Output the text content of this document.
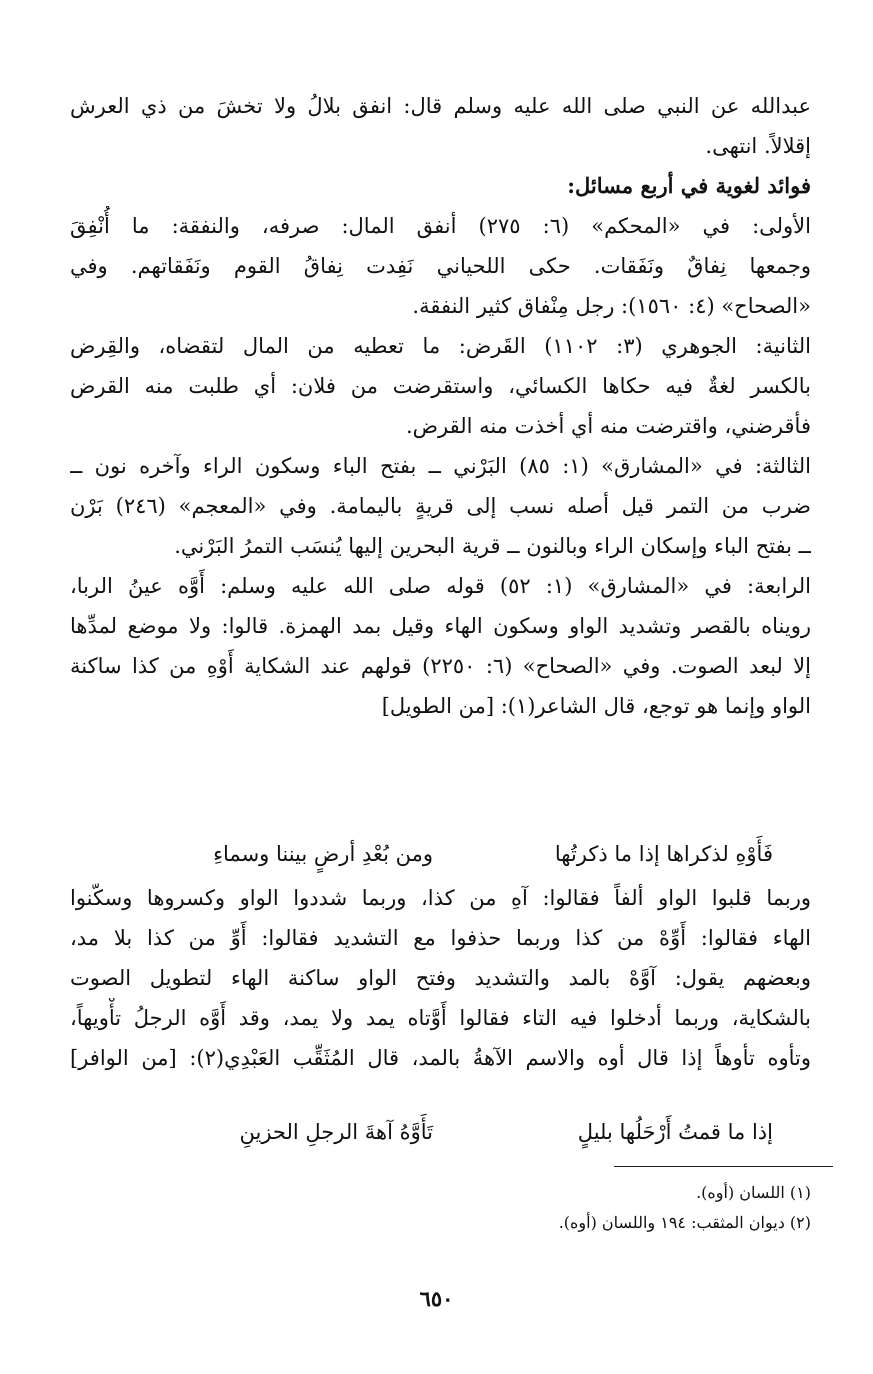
عبدالله عن النبي صلى الله عليه وسلم قال: انفق بلالُ ولا تخشَ من ذي العرش
إقلالاً. انتهى.
فوائد لغوية في أربع مسائل:
الأولى: في «المحكم» (٦: ٢٧٥) أنفق المال: صرفه، والنفقة: ما أُنْفِقَ
وجمعها نِفاقٌ ونَفَقات. حكى اللحياني نَفِدت نِفاقُ القوم ونَفَقاتهم. وفي
«الصحاح» (٤: ١٥٦٠): رجل مِنْفاق كثير النفقة.
الثانية: الجوهري (٣: ١١٠٢) القَرض: ما تعطيه من المال لتقضاه، والقِرض
بالكسر لغةٌ فيه حكاها الكسائي، واستقرضت من فلان: أي طلبت منه القرض
فأقرضني، واقترضت منه أي أخذت منه القرض.
الثالثة: في «المشارق» (١: ٨٥) البَرْني ــ بفتح الباء وسكون الراء وآخره نون ــ
ضرب من التمر قيل أصله نسب إلى قريةٍ باليمامة. وفي «المعجم» (٢٤٦) بَرْن
ــ بفتح الباء وإسكان الراء وبالنون ــ قرية البحرين إليها يُنسَب التمرُ البَرْني.
الرابعة: في «المشارق» (١: ٥٢) قوله صلى الله عليه وسلم: أَوَّه عينُ الربا،
رويناه بالقصر وتشديد الواو وسكون الهاء وقيل بمد الهمزة. قالوا: ولا موضع لمدِّها
إلا لبعد الصوت. وفي «الصحاح» (٦: ٢٢٥٠) قولهم عند الشكاية أَوْهِ من كذا ساكنة
الواو وإنما هو توجع، قال الشاعر(١): [من الطويل]
فَأَوْهِ لذكراها إذا ما ذكرتُها
ومن بُعْدِ أرضٍ بيننا وسماءِ
وربما قلبوا الواو ألفاً فقالوا: آهِ من كذا، وربما شددوا الواو وكسروها وسكّنوا
الهاء فقالوا: أَوِّهْ من كذا وربما حذفوا مع التشديد فقالوا: أَوِّ من كذا بلا مد،
وبعضهم يقول: آوَّهْ بالمد والتشديد وفتح الواو ساكنة الهاء لتطويل الصوت
بالشكاية، وربما أدخلوا فيه التاء فقالوا أَوَّتاه يمد ولا يمد، وقد أَوَّه الرجلُ تأْويهاً،
وتأوه تأوهاً إذا قال أوه والاسم الآهةُ بالمد، قال المُثَقِّب العَبْدِي(٢): [من الوافر]
إذا ما قمتُ أَرْحَلُها بليلٍ
تَأَوَّهُ آهةَ الرجلِ الحزينِ
(١) اللسان (أوه).
(٢) ديوان المثقب: ١٩٤ واللسان (أوه).
٦٥٠
